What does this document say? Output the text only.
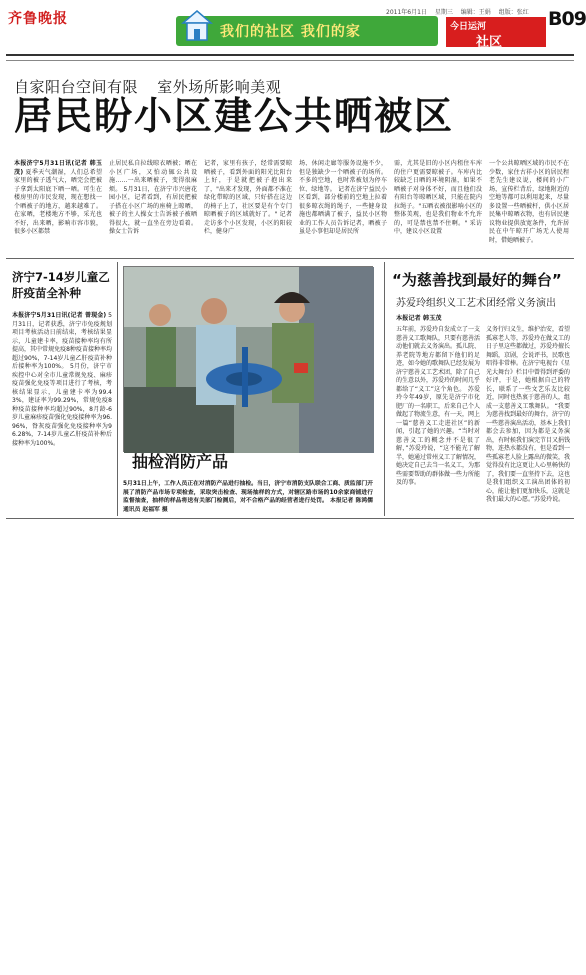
齐鲁晚报
我们的社区 我们的家
2011年6月1日 星期三 编辑：王娟 组版：张红
今日运河
社区
B09
自家阳台空间有限 室外场所影响美观
居民盼小区建公共晒被区
本报济宁5月31日讯(记者 韩玉茂) 夏季天气潮湿，人们总希望家里的被子透气大，晒完会把被子拿到太阳底下晒一晒。可生在楼房里的市民发现，现在想找一个晒被子的地方，越来越难了。在家晒，老楼地方不够，采光也不好，出来晒，影响市容市貌，很多小区都禁
止居民私自拉线晾衣晒被；晒在小区广场，又怕动辄公共设施……一出来晒被子，变得很麻烦。 5月31日，在济宁市兴唐花园小区，记者看到，有居民把被子搭在小区广场的座椅上晾晒，被子的主人操女士告诉被子被晒得很大，就一直坐在旁边看着。操女士告诉
记者，家里有孩子，经常需要晾晒被子，看到外面的阳光比阳台上好，于是就把被子抱出来了，"出来才发现，外面都不准在绿化带晾的区域，只好搭在这边的椅子上了，社区要是有个专门晾晒被子的区域就好了。" 记者走访多个小区发现，小区的阳较栏，健身广
场、休闲走廊等服务设施不少，但是独缺少一个晒被子的场所。不多的空地，也时常被划为停车位、绿地等。 记者在济宁益民小区看到，部分楼前的空地上拉着很多晾衣绳的绳子，一些健身设施也都晒满了被子，益民小区物业的工作人员告诉记者，晒被子虽是小事但却是居民所
需，尤其是旧的小区内租住车库的住户更需要晾被子。车库内比较缺乏日晒的环境阴湿，如果不晒被子对身体不好，而且他们没有阳台等晾晒区域，只能在院内拉绳子。"五晒衣被很影响小区的整体美观，也是我们物业不允许的，可是禁也禁不住啊。" 采访中，建议小区设置
一个公共晾晒区域的市民不在少数，家住古祥小区的居民程老先生建议说，楼间的小广场，宣传栏背后，绿地附近的空地等都可以利用起来，尽量多设置一些晒被杆，供小区居民集中晾晒衣物，也有居民建议物业提供放宽条件，允许居民在中午晾开广场无人使用时，借她晒被子。
济宁7-14岁儿童乙肝疫苗全补种
本报济宁5月31日讯(记者 曾现金) 5月31日，记者获悉，济宁市免疫规划项目考核活动日前结束，考核结果显示，儿童建卡率，疫苗接种率均有所提高，其中常规免疫8种疫苗接种率均超过90%，7-14岁儿童乙肝疫苗补种后接种率为100%。 5月份，济宁市疾控中心对全市儿童常规免疫、麻疹疫苗强化免疫等项目进行了考核，考核结果显示，儿童建卡率为99.43%，建证率为99.29%，常规免疫8种疫苗接种率均超过90%，8月龄-6岁儿童麻疹疫苗强化免疫接种率为96.96%，脊灰疫苗强化免疫接种率为96.28%，7-14岁儿童乙肝疫苗补种后接种率为100%。
抽检消防产品
5月31日上午，工作人员正在对消防产品进行抽检。当日，济宁市消防支队联合工商、质监部门开展了消防产品市场专项检查，采取突击检查、现场抽样的方式，对辖区路市场的10余家商铺进行监督抽查，抽样的样品将送有关部门检测后，对不合格产品的经营者进行处罚。 本报记者 陈鸿儒 通讯员 赵福军 摄
“为慈善找到最好的舞台”
苏爱玲组织义工艺术团经常义务演出
本报记者 韩玉茂
五年前，苏爱玲自发成立了一支慈善义工歌舞队，只要有慈善活动他们就去义务演出。孤儿院、养老院等地方都留下他们的足迹，如今她的歌舞队已经发展为济宁慈善义工艺术团，除了自己的生意以外，苏爱玲的时间几乎都给了“义工”这个角色。 苏爱玲今年49岁，原先是济宁市化肥厂的一名职工，后来自己个人做起了物流生意，有一天，网上一篇“慈善义工走进社区”的新闻，引起了她的兴趣。“当时对慈善义工的概念并不是很了解，”苏爱玲说，“这不能光了解半，她通过常州义工了解情况，她决定自己去当一名义工，为那些需要帮助的群体做一些力所能及的事。
义务行归义生，维护治安，看望孤寡老人等，苏爱玲在做义工的日子里这些都做过，苏爱玲擅长舞蹈，京剧，会说评书，民歌也唱得非常棒。在济宁电视台《星光大舞台》栏目中曾得到评委的好评，于是，她根据自己的特长，联系了一些文艺乐友比较近，同时也热衷于慈善的人，组成一支慈善义工歌舞队。 “我要为慈善找到最好的舞台，济宁的一些慈善演出活动，基本上我们都会去参加，因为都是义务演出，有时候我们演完节目又捐钱物，连热水都没有，但是看到一些孤寡老人脸上露出的微笑，我觉得没有比这更让人心里畅快的了，我们要一直坚持下去，这也是我们组织义工演出团体的初心，能让他们更加快乐，这就是我们最大的心愿。”苏爱玲说。
